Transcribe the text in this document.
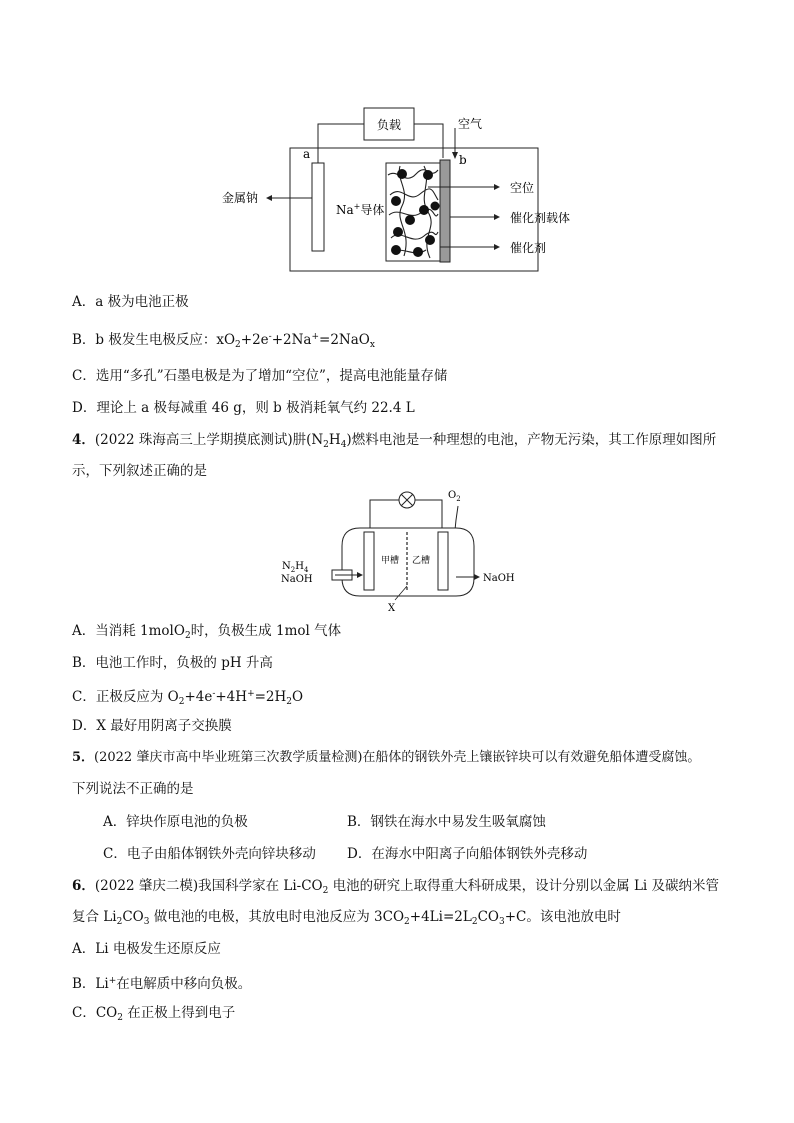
负载	空气
a
金属钠
Na+导体
b
空位
催化剂载体
催化剂
A．a 极为电池正极
B．b 极发生电极反应：$xO_2+2e^-+2Na^+=2NaO_x$
C．选用“多孔”石墨电极是为了增加“空位”，提高电池能量存储
D．理论上 a 极每减重 46 g，则 b 极消耗氧气约 22.4 L
4．(2022 珠海高三上学期摸底测试)肼$(N_2H_4)$燃料电池是一种理想的电池，产物无污染，其工作原理如图所
示，下列叙述正确的是
$O_2$
甲槽 乙槽
X
$N_2H_4$
NaOH	NaOH
A．当消耗 1molO$_2$时，负极生成 1mol 气体
B．电池工作时，负极的 pH 升高
C．正极反应为 $O_2+4e^-+4H^+=2H_2O$
D．X 最好用阴离子交换膜
5．(2022 肇庆市高中毕业班第三次教学质量检测)在船体的钢铁外壳上镶嵌锌块可以有效避免船体遭受腐蚀。
下列说法不正确的是
A．锌块作原电池的负极	B．钢铁在海水中易发生吸氧腐蚀
C．电子由船体钢铁外壳向锌块移动 D．在海水中阳离子向船体钢铁外壳移动
6．(2022 肇庆二模)我国科学家在 $Li-CO_2$ 电池的研究上取得重大科研成果，设计分别以金属 Li 及碳纳米管
复合 $Li_2CO_3$ 做电池的电极，其放电时电池反应为 $3CO_2+4Li=2L_2CO_3+C$。该电池放电时
A．Li 电极发生还原反应
B．Li+在电解质中移向负极。
C．$CO_2$ 在正极上得到电子
